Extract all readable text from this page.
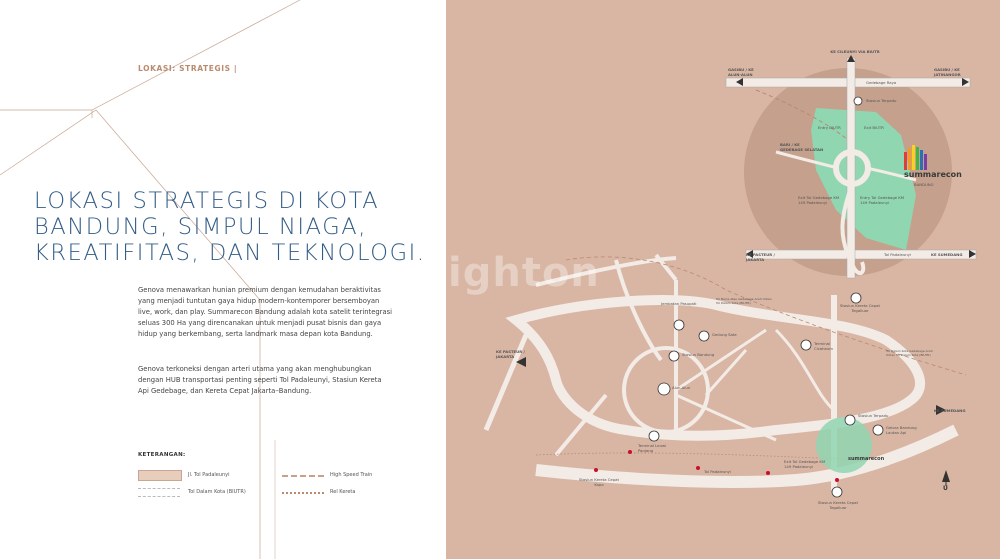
LOKASI: STRATEGIS |
LOKASI STRATEGIS DI KOTA BANDUNG, SIMPUL NIAGA, KREATIFITAS, DAN TEKNOLOGI.
Genova menawarkan hunian premium dengan kemudahan beraktivitas yang menjadi tuntutan gaya hidup modern-kontemporer bersemboyan live, work, dan play. Summarecon Bandung adalah kota satelit terintegrasi seluas 300 Ha yang direncanakan untuk menjadi pusat bisnis dan gaya hidup yang berkembang, serta landmark masa depan kota Bandung.
Genova terkoneksi dengan arteri utama yang akan menghubungkan dengan HUB transportasi penting seperti Tol Padaleunyi, Stasiun Kereta Api Gedebage, dan Kereta Cepat Jakarta–Bandung.
KETERANGAN:
Jl. Tol Padaleunyi
Tol Dalam Kota (BIUTR)
High Speed Train
Rel Kereta
KE CILEUNYI VIA BIUTR
GASIBU / KE ALUN-ALUN
GASIBU / KE JATINANGOR
Gedebage Raya
Stasiun Terpadu
Entry BIUTR	Exit BIUTR
BARI / KE GEDEBAGE SELATAN
Exit Tol Gedebage KM 149 Padaleunyi
Entry Tol Gedebage KM 149 Padaleunyi
KE PASTEUR / JAKARTA
Tol Padaleunyi	KE SUMEDANG
Stasiun Kereta Cepat Tegalluar
summarecon
BANDUNG
Jembatan Pasupati
Gedung Sate
Stasiun Bandung
Terminal Cicaheum
Alun-Alun
KE PASTEUR / JAKARTA
KE SUMEDANG
Terminal Leuwi Panjang
Stasiun Terpadu
Gelora Bandung Lautan Api
Exit Tol Gedebage KM 149 Padaleunyi
Tol Padaleunyi
Stasiun Kereta Cepat Kopo
Stasiun Kereta Cepat Tegalluar
Tol Baros Atau Gedebage Arah Urban Tol Dalam Kota (BIUTR)
Tol Dalam Kota Gedebage Arah Urban Tol Dalam Kota (BIUTR)
summarecon
ighton
U
